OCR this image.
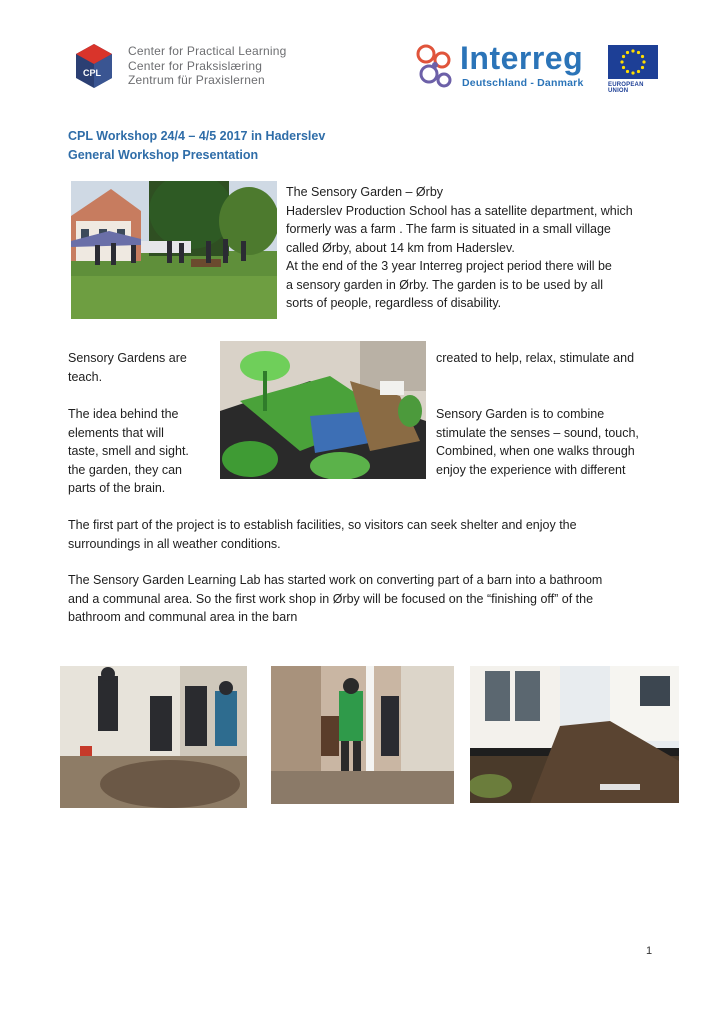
CPL
Center for Practical Learning
Center for Praksislæring
Zentrum für Praxislernen
Interreg
Deutschland - Danmark	EUROPEAN UNION
CPL Workshop 24/4 – 4/5 2017 in Haderslev
General Workshop Presentation
The Sensory Garden – Ørby
Haderslev Production School has a satellite department, which
formerly was a farm . The farm is situated in a small village
called Ørby, about 14 km from Haderslev.
At the end of the 3 year Interreg project period there will be
a sensory garden in Ørby. The garden is to be used by all
sorts of people, regardless of disability.
Sensory Gardens are	created to help, relax, stimulate and
teach.
The idea behind the
elements that will
taste, smell and sight.
the garden, they can
parts of the brain.
Sensory Garden is to combine
stimulate the senses – sound, touch,
Combined, when one walks through
enjoy the experience with different
The first part of the project is to establish facilities, so visitors can seek shelter and enjoy the
surroundings in all weather conditions.
The Sensory Garden Learning Lab has started work on converting part of a barn into a bathroom
and a communal area. So the first work shop in Ørby will be focused on the “finishing off” of the
bathroom and communal area in the barn
1
